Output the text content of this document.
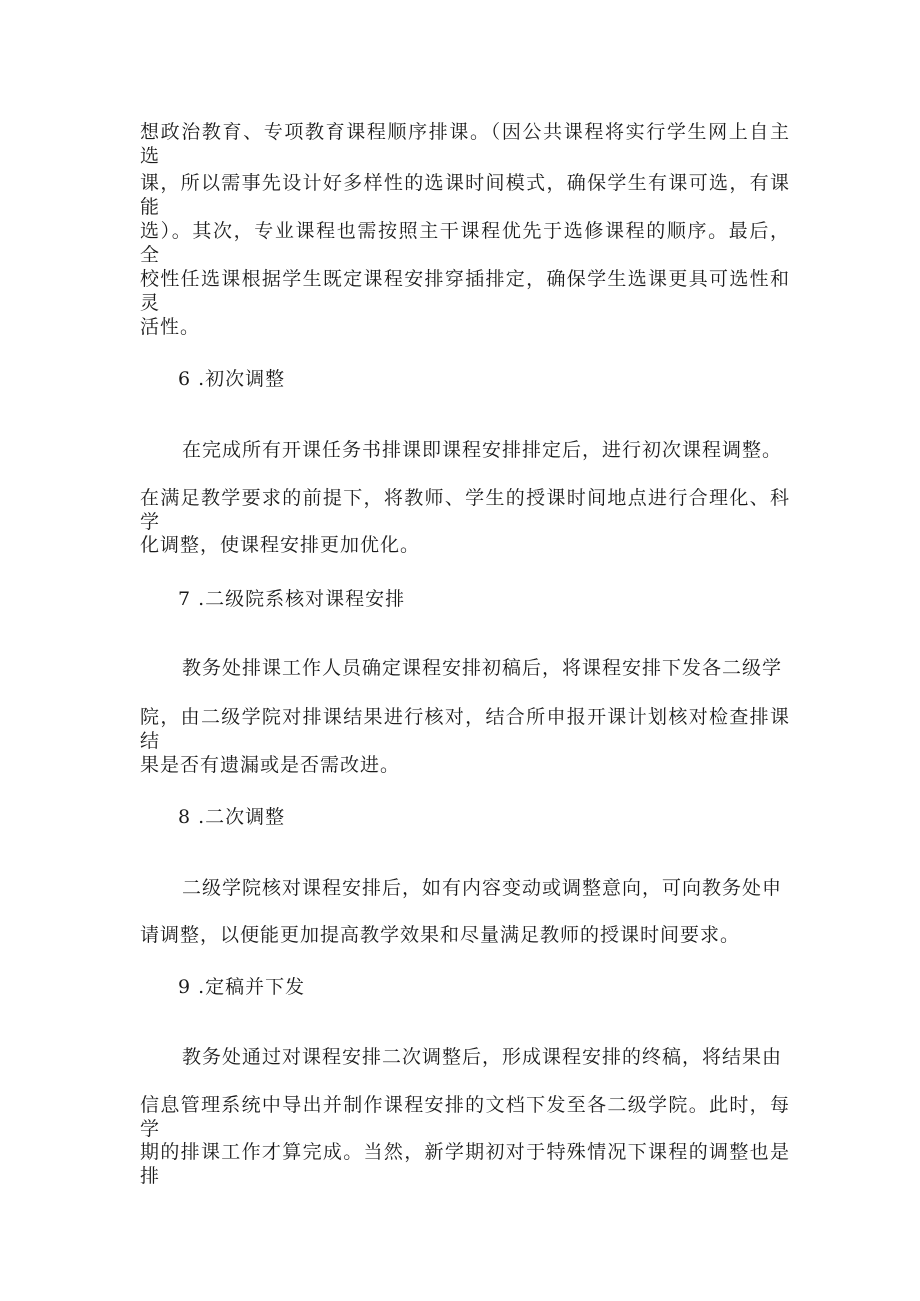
想政治教育、专项教育课程顺序排课。（因公共课程将实行学生网上自主选
课，所以需事先设计好多样性的选课时间模式，确保学生有课可选，有课能
选）。其次，专业课程也需按照主干课程优先于选修课程的顺序。最后，全
校性任选课根据学生既定课程安排穿插排定，确保学生选课更具可选性和灵
活性。
6 .初次调整
在完成所有开课任务书排课即课程安排排定后，进行初次课程调整。
在满足教学要求的前提下，将教师、学生的授课时间地点进行合理化、科学
化调整，使课程安排更加优化。
7 .二级院系核对课程安排
教务处排课工作人员确定课程安排初稿后，将课程安排下发各二级学
院，由二级学院对排课结果进行核对，结合所申报开课计划核对检查排课结
果是否有遗漏或是否需改进。
8 .二次调整
二级学院核对课程安排后，如有内容变动或调整意向，可向教务处申
请调整，以便能更加提高教学效果和尽量满足教师的授课时间要求。
9 .定稿并下发
教务处通过对课程安排二次调整后，形成课程安排的终稿，将结果由
信息管理系统中导出并制作课程安排的文档下发至各二级学院。此时，每学
期的排课工作才算完成。当然，新学期初对于特殊情况下课程的调整也是排
